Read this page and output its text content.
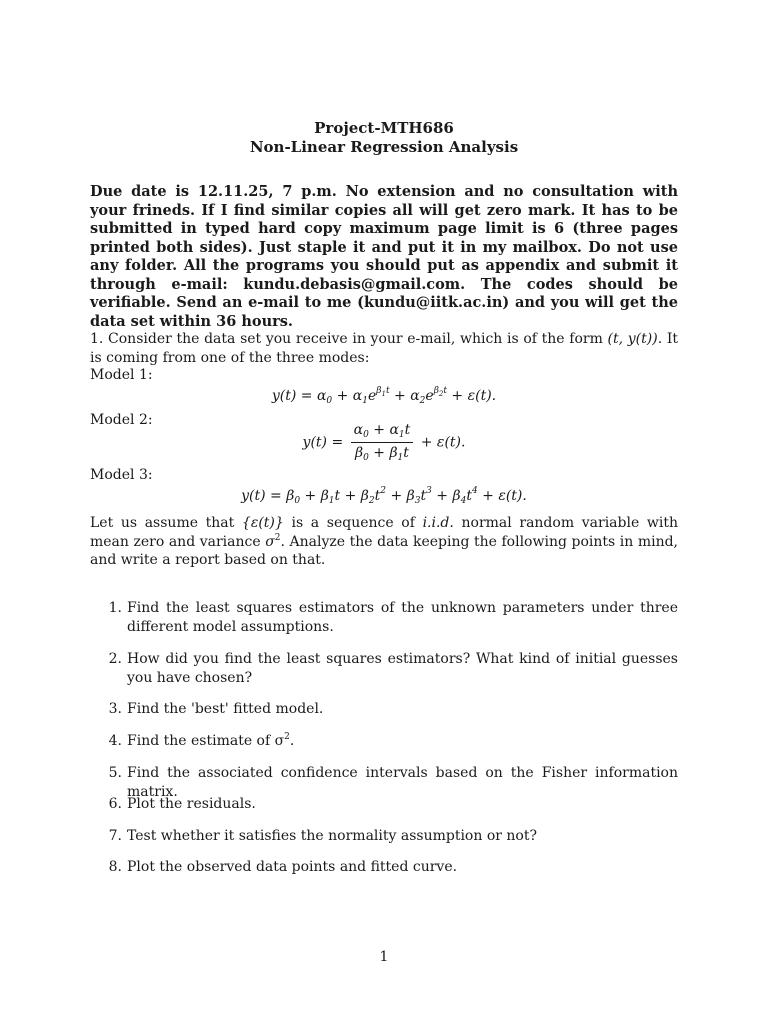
Project-MTH686
Non-Linear Regression Analysis
Due date is 12.11.25, 7 p.m. No extension and no consultation with your frineds. If I find similar copies all will get zero mark. It has to be submitted in typed hard copy maximum page limit is 6 (three pages printed both sides). Just staple it and put it in my mailbox. Do not use any folder. All the programs you should put as appendix and submit it through e-mail: kundu.debasis@gmail.com. The codes should be verifiable. Send an e-mail to me (kundu@iitk.ac.in) and you will get the data set within 36 hours.
1. Consider the data set you receive in your e-mail, which is of the form (t, y(t)). It is coming from one of the three modes:
Model 1:
$y(t) = \alpha_0 + \alpha_1e^{\beta_1t} + \alpha_2e^{\beta_2t} + \varepsilon(t)$.
Model 2:
$y(t) = \frac{\alpha_0 + \alpha_1t}{\beta_0 + \beta_1t} + \varepsilon(t)$.
Model 3:
$y(t) = \beta_0 + \beta_1t + \beta_2t^2 + \beta_3t^3 + \beta_4t^4 + \varepsilon(t)$.
Let us assume that {ε(t)} is a sequence of i.i.d. normal random variable with mean zero and variance $\sigma^2$. Analyze the data keeping the following points in mind, and write a report based on that.
1. Find the least squares estimators of the unknown parameters under three different model assumptions.
2. How did you find the least squares estimators? What kind of initial guesses you have chosen?
3. Find the 'best' fitted model.
4. Find the estimate of $\sigma^2$.
5. Find the associated confidence intervals based on the Fisher information matrix.
6. Plot the residuals.
7. Test whether it satisfies the normality assumption or not?
8. Plot the observed data points and fitted curve.
1
